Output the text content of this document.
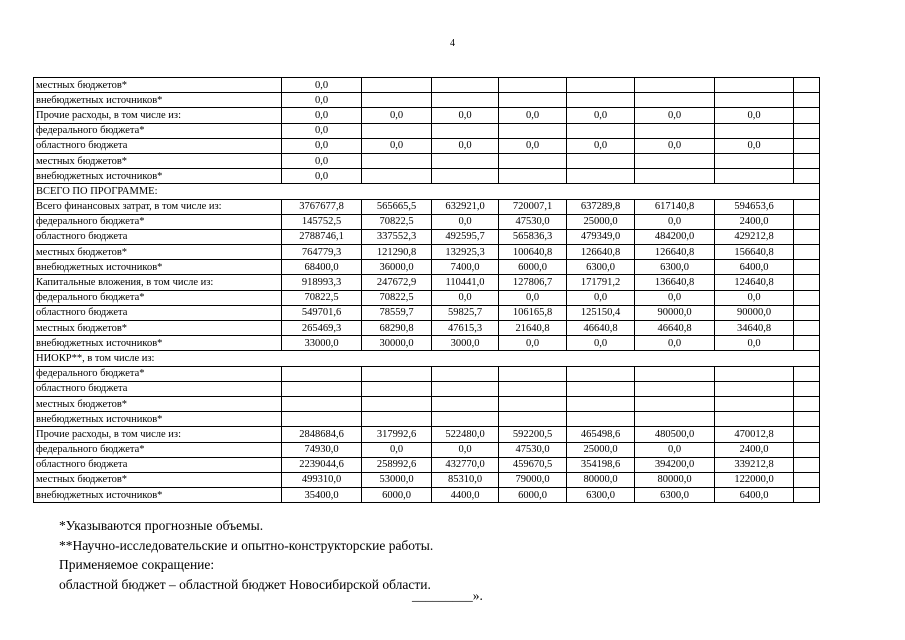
4
местных бюджетов*	0,0							
внебюджетных источников*	0,0							
Прочие расходы, в том числе из:	0,0	0,0	0,0	0,0	0,0	0,0	0,0	
федерального бюджета*	0,0							
областного бюджета	0,0	0,0	0,0	0,0	0,0	0,0	0,0	
местных бюджетов*	0,0							
внебюджетных источников*	0,0							
ВСЕГО ПО ПРОГРАММЕ:								
Всего финансовых затрат, в том числе из:	3767677,8	565665,5	632921,0	720007,1	637289,8	617140,8	594653,6	
федерального бюджета*	145752,5	70822,5	0,0	47530,0	25000,0	0,0	2400,0	
областного бюджета	2788746,1	337552,3	492595,7	565836,3	479349,0	484200,0	429212,8	
местных бюджетов*	764779,3	121290,8	132925,3	100640,8	126640,8	126640,8	156640,8	
внебюджетных источников*	68400,0	36000,0	7400,0	6000,0	6300,0	6300,0	6400,0	
Капитальные вложения, в том числе из:	918993,3	247672,9	110441,0	127806,7	171791,2	136640,8	124640,8	
федерального бюджета*	70822,5	70822,5	0,0	0,0	0,0	0,0	0,0	
областного бюджета	549701,6	78559,7	59825,7	106165,8	125150,4	90000,0	90000,0	
местных бюджетов*	265469,3	68290,8	47615,3	21640,8	46640,8	46640,8	34640,8	
внебюджетных источников*	33000,0	30000,0	3000,0	0,0	0,0	0,0	0,0	
НИОКР**, в том числе из:								
федерального бюджета*								
областного бюджета								
местных бюджетов*								
внебюджетных источников*								
Прочие расходы, в том числе из:	2848684,6	317992,6	522480,0	592200,5	465498,6	480500,0	470012,8	
федерального бюджета*	74930,0	0,0	0,0	47530,0	25000,0	0,0	2400,0	
областного бюджета	2239044,6	258992,6	432770,0	459670,5	354198,6	394200,0	339212,8	
местных бюджетов*	499310,0	53000,0	85310,0	79000,0	80000,0	80000,0	122000,0	
внебюджетных источников*	35400,0	6000,0	4400,0	6000,0	6300,0	6300,0	6400,0	
*Указываются прогнозные объемы.
**Научно-исследовательские и опытно-конструкторские работы.
Применяемое сокращение:
областной бюджет – областной бюджет Новосибирской области.
_________».
